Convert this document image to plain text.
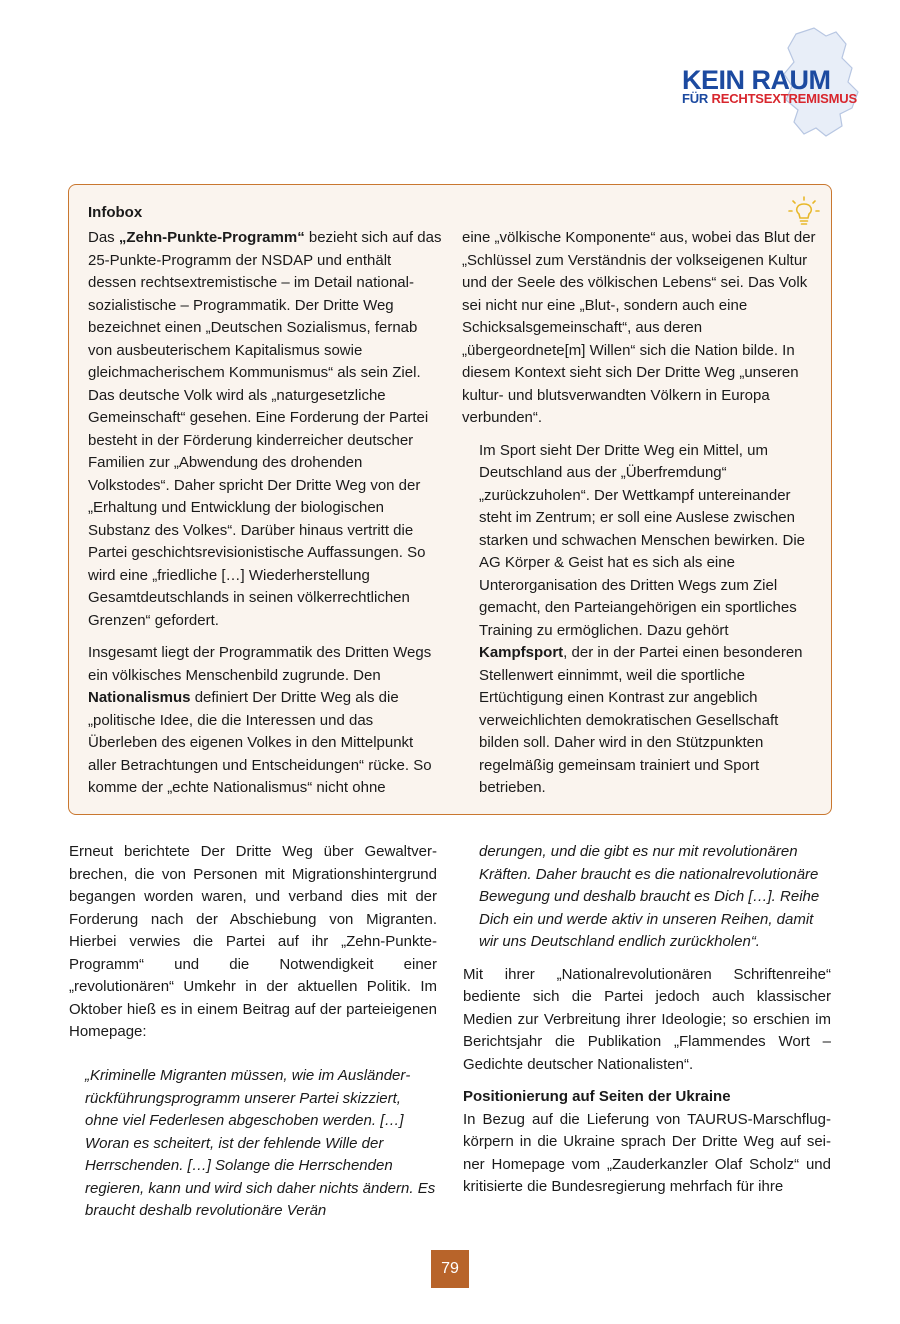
KEIN RAUM
FÜR RECHTSEXTREMISMUS
Infobox

Das „Zehn-Punkte-Programm“ bezieht sich auf das 25-Punkte-Programm der NSDAP und enthält dessen rechtsextremistische – im Detail nationalsozialistische – Programmatik. Der Dritte Weg bezeichnet einen „Deutschen Sozialismus, fernab von ausbeuterischem Kapitalismus sowie gleichmacherischem Kommunismus“ als sein Ziel. Das deutsche Volk wird als „naturgesetzliche Gemeinschaft“ gesehen. Eine Forderung der Partei besteht in der Förderung kinderreicher deutscher Familien zur „Abwendung des drohenden Volkstodes“. Daher spricht Der Dritte Weg von der „Erhaltung und Entwicklung der biologischen Substanz des Volkes“. Darüber hinaus vertritt die Partei geschichtsrevisionistische Auffassungen. So wird eine „friedliche […] Wiederherstellung Gesamtdeutschlands in seinen völkerrechtlichen Grenzen“ gefordert.

Insgesamt liegt der Programmatik des Dritten Wegs ein völkisches Menschenbild zugrunde. Den Nationalismus definiert Der Dritte Weg als die „politische Idee, die die Interessen und das Überleben des eigenen Volkes in den Mittelpunkt aller Betrachtungen und Entscheidungen“ rücke. So komme der „echte Nationalismus“ nicht ohne

eine „völkische Komponente“ aus, wobei das Blut der „Schlüssel zum Verständnis der volkseigenen Kultur und der Seele des völkischen Lebens“ sei. Das Volk sei nicht nur eine „Blut-, sondern auch eine Schicksalsgemeinschaft“, aus deren „übergeordnete[m] Willen“ sich die Nation bilde. In diesem Kontext sieht sich Der Dritte Weg „unseren kultur- und blutsverwandten Völkern in Europa verbunden“.

Im Sport sieht Der Dritte Weg ein Mittel, um Deutschland aus der „Überfremdung“ „zurückzuholen“. Der Wettkampf untereinander steht im Zentrum; er soll eine Auslese zwischen starken und schwachen Menschen bewirken. Die AG Körper & Geist hat es sich als eine Unterorganisation des Dritten Wegs zum Ziel gemacht, den Parteiangehörigen ein sportliches Training zu ermöglichen. Dazu gehört Kampfsport, der in der Partei einen besonderen Stellenwert einnimmt, weil die sportliche Ertüchtigung einen Kontrast zur angeblich verweichlichten demokratischen Gesellschaft bilden soll. Daher wird in den Stützpunkten regelmäßig gemeinsam trainiert und Sport betrieben.

Erneut berichtete Der Dritte Weg über Gewaltverbrechen, die von Personen mit Migrationshintergrund begangen worden waren, und verband dies mit der Forderung nach der Abschiebung von Migranten. Hierbei verwies die Partei auf ihr „Zehn-Punkte-Programm“ und die Notwendigkeit einer „revolutionären“ Umkehr in der aktuellen Politik. Im Oktober hieß es in einem Beitrag auf der parteieigenen Homepage:
„Kriminelle Migranten müssen, wie im Ausländerrückführungsprogramm unserer Partei skizziert, ohne viel Federlesen abgeschoben werden. […] Woran es scheitert, ist der fehlende Wille der Herrschenden. […] Solange die Herrschenden regieren, kann und wird sich daher nichts ändern. Es braucht deshalb revolutionäre Verän

derungen, und die gibt es nur mit revolutionären Kräften. Daher braucht es die nationalrevolutionäre Bewegung und deshalb braucht es Dich […]. Reihe Dich ein und werde aktiv in unseren Reihen, damit wir uns Deutschland endlich zurückholen“.

Mit ihrer „Nationalrevolutionären Schriftenreihe“ bediente sich die Partei jedoch auch klassischer Medien zur Verbreitung ihrer Ideologie; so erschien im Berichtsjahr die Publikation „Flammendes Wort – Gedichte deutscher Nationalisten“.

Positionierung auf Seiten der Ukraine

In Bezug auf die Lieferung von TAURUS-Marschflugkörpern in die Ukraine sprach Der Dritte Weg auf seiner Homepage vom „Zauderkanzler Olaf Scholz“ und kritisierte die Bundesregierung mehrfach für ihre

79
